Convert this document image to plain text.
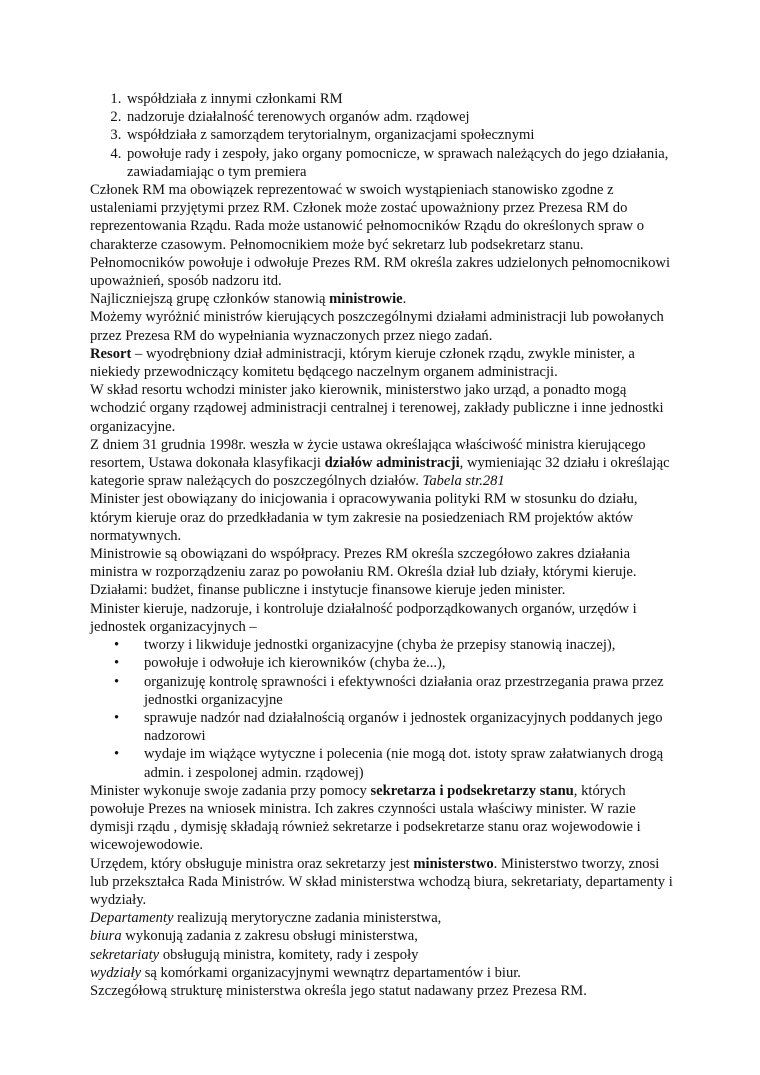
1. współdziała z innymi członkami RM
2. nadzoruje działalność terenowych organów adm. rządowej
3. współdziała z samorządem terytorialnym, organizacjami społecznymi
4. powołuje rady i zespoły, jako organy pomocnicze, w sprawach należących do jego działania, zawiadamiając o tym premiera

Członek RM ma obowiązek reprezentować w swoich wystąpieniach stanowisko zgodne z ustaleniami przyjętymi przez RM. Członek może zostać upoważniony przez Prezesa RM do reprezentowania Rządu. Rada może ustanowić pełnomocników Rządu do określonych spraw o charakterze czasowym. Pełnomocnikiem może być sekretarz lub podsekretarz stanu. Pełnomocników powołuje i odwołuje Prezes RM. RM określa zakres udzielonych pełnomocnikowi upoważnień, sposób nadzoru itd.

Najliczniejszą grupę członków stanowią ministrowie.

Możemy wyróżnić ministrów kierujących poszczególnymi działami administracji lub powołanych przez Prezesa RM do wypełniania wyznaczonych przez niego zadań.

Resort – wyodrębniony dział administracji, którym kieruje członek rządu, zwykle minister, a niekiedy przewodniczący komitetu będącego naczelnym organem administracji.

W skład resortu wchodzi minister jako kierownik, ministerstwo jako urząd, a ponadto mogą wchodzić organy rządowej administracji centralnej i terenowej, zakłady publiczne i inne jednostki organizacyjne.

Z dniem 31 grudnia 1998r. weszła w życie ustawa określająca właściwość ministra kierującego resortem, Ustawa dokonała klasyfikacji działów administracji, wymieniając 32 działu i określając kategorie spraw należących do poszczególnych działów. Tabela str.281

Minister jest obowiązany do inicjowania i opracowywania polityki RM w stosunku do działu, którym kieruje oraz do przedkładania w tym zakresie na posiedzeniach RM projektów aktów normatywnych.

Ministrowie są obowiązani do współpracy. Prezes RM określa szczegółowo zakres działania ministra w rozporządzeniu zaraz po powołaniu RM. Określa dział lub działy, którymi kieruje.

Działami: budżet, finanse publiczne i instytucje finansowe kieruje jeden minister.

Minister kieruje, nadzoruje, i kontroluje działalność podporządkowanych organów, urzędów i jednostek organizacyjnych –

• tworzy i likwiduje jednostki organizacyjne (chyba że przepisy stanowią inaczej),
• powołuje i odwołuje ich kierowników (chyba że...),
• organizuję kontrolę sprawności i efektywności działania oraz przestrzegania prawa przez jednostki organizacyjne
• sprawuje nadzór nad działalnością organów i jednostek organizacyjnych poddanych jego nadzorowi
• wydaje im wiążące wytyczne i polecenia (nie mogą dot. istoty spraw załatwianych drogą admin. i zespolonej admin. rządowej)

Minister wykonuje swoje zadania przy pomocy sekretarza i podsekretarzy stanu, których powołuje Prezes na wniosek ministra. Ich zakres czynności ustala właściwy minister. W razie dymisji rządu , dymisję składają również sekretarze i podsekretarze stanu oraz wojewodowie i wicewojewodowie.

Urzędem, który obsługuje ministra oraz sekretarzy jest ministerstwo. Ministerstwo tworzy, znosi lub przekształca Rada Ministrów. W skład ministerstwa wchodzą biura, sekretariaty, departamenty i wydziały.

Departamenty realizują merytoryczne zadania ministerstwa,

biura wykonują zadania z zakresu obsługi ministerstwa,

sekretariaty obsługują ministra, komitety, rady i zespoły

wydziały są komórkami organizacyjnymi wewnątrz departamentów i biur.

Szczegółową strukturę ministerstwa określa jego statut nadawany przez Prezesa RM.
